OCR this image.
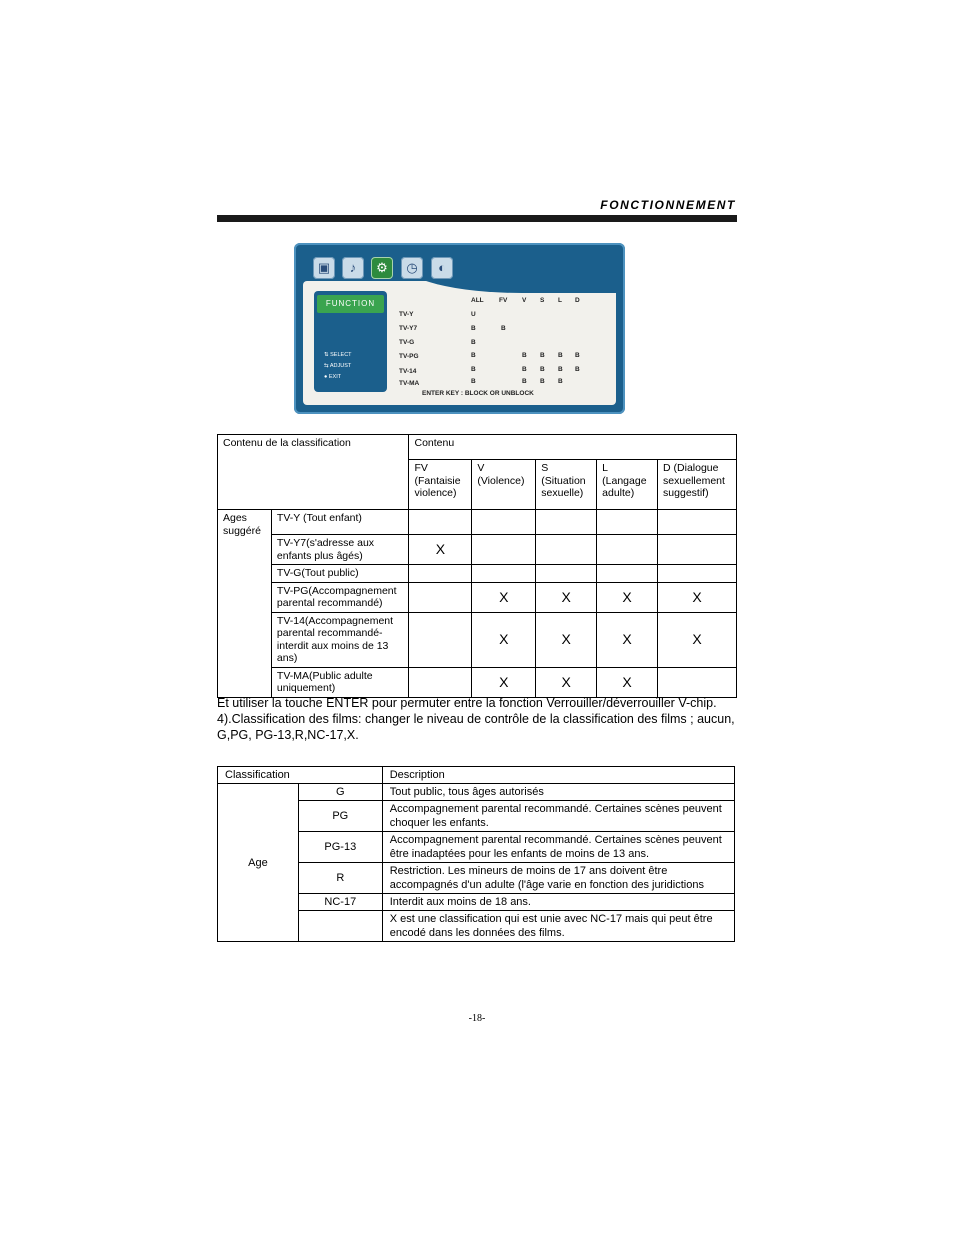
FONCTIONNEMENT
▣	♪	⚙	◷	◐
FUNCTION
⇅ SELECT
⇆ ADJUST
● EXIT
ALL FV V S L D
TV-Y	U
TV-Y7	B	B
TV-G	B
TV-PG	B	B B B B
TV-14	B	B B B B
TV-MA	B	B B B
ENTER KEY : BLOCK OR UNBLOCK
Contenu de la classification		Contenu				
		FV (Fantaisie violence)	V (Violence)	S (Situation sexuelle)	L (Langage adulte)	D (Dialogue sexuellement suggestif)
Ages suggéré	TV-Y (Tout enfant)					
	TV-Y7(s'adresse aux enfants plus âgés)	X				
	TV-G(Tout public)					
	TV-PG(Accompagnement parental recommandé)		X	X	X	X
	TV-14(Accompagnement parental recommandé-interdit aux moins de 13 ans)		X	X	X	X
	TV-MA(Public adulte uniquement)		X	X	X	

Et utiliser la touche ENTER pour permuter entre la fonction Verrouiller/déverrouiller V-chip.

4).Classification des films: changer le niveau de contrôle de la classification des films ; aucun, G,PG, PG-13,R,NC-17,X.

Classification		Description
Age	G	Tout public, tous âges autorisés
	PG	Accompagnement parental recommandé. Certaines scènes peuvent choquer les enfants.
	PG-13	Accompagnement parental recommandé. Certaines scènes peuvent être inadaptées pour les enfants de moins de 13 ans.
	R	Restriction. Les mineurs de moins de 17 ans doivent être accompagnés d'un adulte (l'âge varie en fonction des juridictions
	NC-17	Interdit aux moins de 18 ans.
		X est une classification qui est unie avec NC-17 mais qui peut être encodé dans les données des films.
-18-
